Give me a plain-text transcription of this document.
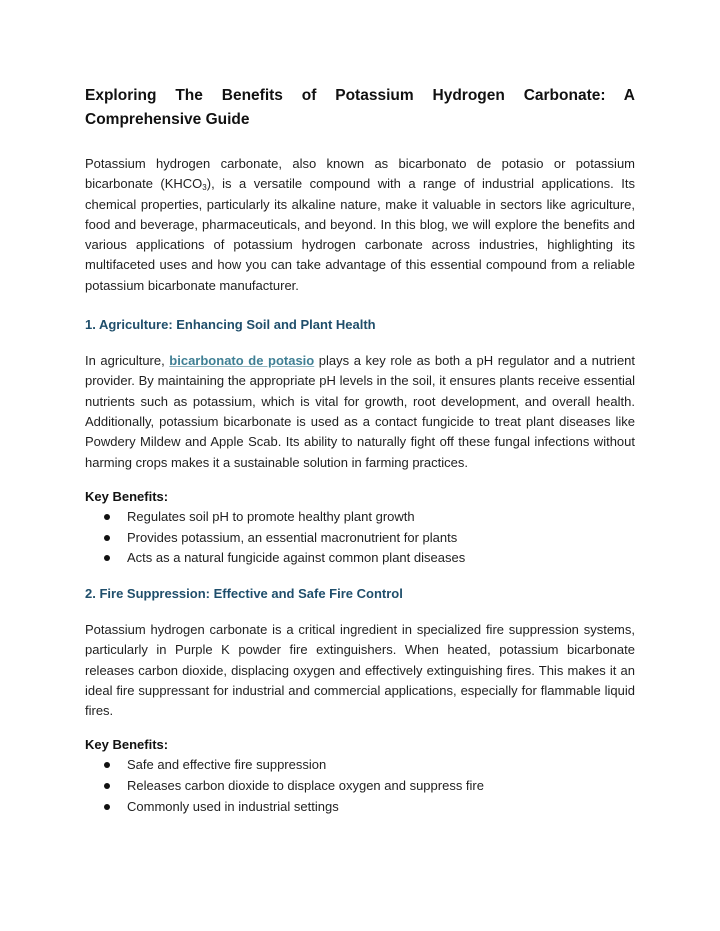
Exploring The Benefits of Potassium Hydrogen Carbonate: A Comprehensive Guide

Potassium hydrogen carbonate, also known as bicarbonato de potasio or potassium bicarbonate $(KHCO_3)$, is a versatile compound with a range of industrial applications. Its chemical properties, particularly its alkaline nature, make it valuable in sectors like agriculture, food and beverage, pharmaceuticals, and beyond. In this blog, we will explore the benefits and various applications of potassium hydrogen carbonate across industries, highlighting its multifaceted uses and how you can take advantage of this essential compound from a reliable potassium bicarbonate manufacturer.

1. Agriculture: Enhancing Soil and Plant Health

In agriculture, bicarbonato de potasio plays a key role as both a pH regulator and a nutrient provider. By maintaining the appropriate pH levels in the soil, it ensures plants receive essential nutrients such as potassium, which is vital for growth, root development, and overall health. Additionally, potassium bicarbonate is used as a contact fungicide to treat plant diseases like Powdery Mildew and Apple Scab. Its ability to naturally fight off these fungal infections without harming crops makes it a sustainable solution in farming practices.

Key Benefits:
Regulates soil pH to promote healthy plant growth
Provides potassium, an essential macronutrient for plants
Acts as a natural fungicide against common plant diseases
2. Fire Suppression: Effective and Safe Fire Control

Potassium hydrogen carbonate is a critical ingredient in specialized fire suppression systems, particularly in Purple K powder fire extinguishers. When heated, potassium bicarbonate releases carbon dioxide, displacing oxygen and effectively extinguishing fires. This makes it an ideal fire suppressant for industrial and commercial applications, especially for flammable liquid fires.

Key Benefits:
Safe and effective fire suppression
Releases carbon dioxide to displace oxygen and suppress fire
Commonly used in industrial settings
